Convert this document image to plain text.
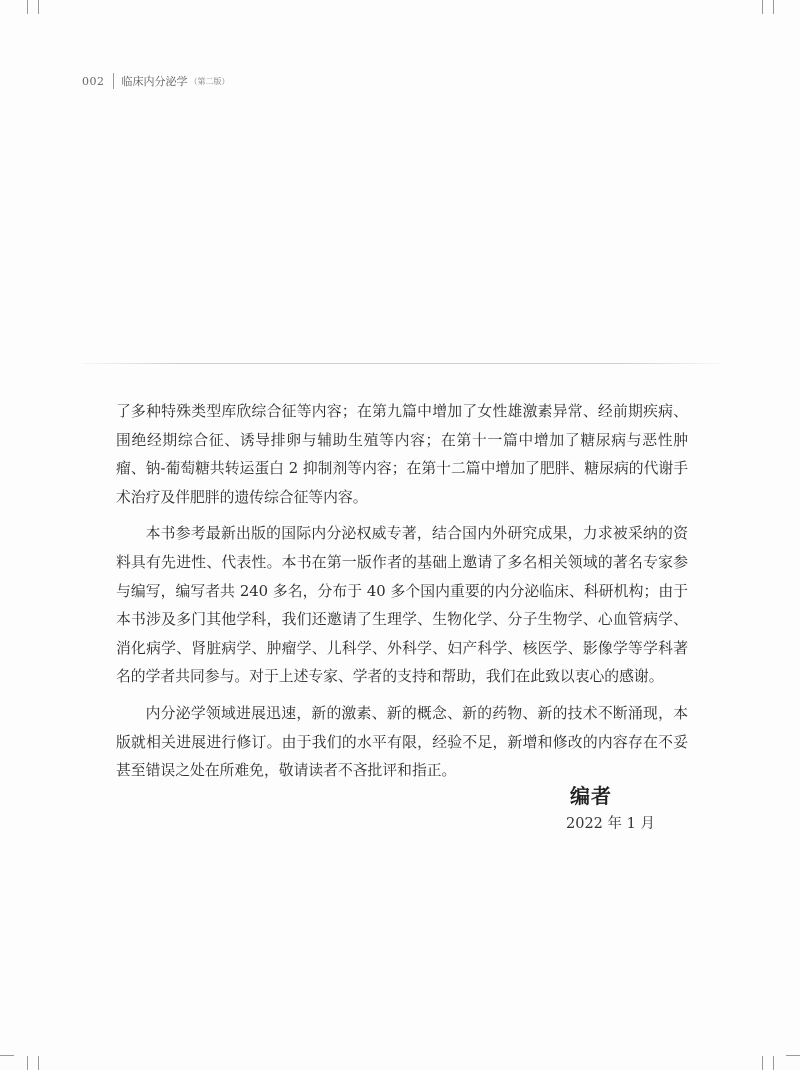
002	临床内分泌学 （第二版）

了多种特殊类型库欣综合征等内容；在第九篇中增加了女性雄激素异常、经前期疾病、围绝经期综合征、诱导排卵与辅助生殖等内容；在第十一篇中增加了糖尿病与恶性肿瘤、钠-葡萄糖共转运蛋白 2 抑制剂等内容；在第十二篇中增加了肥胖、糖尿病的代谢手术治疗及伴肥胖的遗传综合征等内容。

本书参考最新出版的国际内分泌权威专著，结合国内外研究成果，力求被采纳的资料具有先进性、代表性。本书在第一版作者的基础上邀请了多名相关领域的著名专家参与编写，编写者共 240 多名，分布于 40 多个国内重要的内分泌临床、科研机构；由于本书涉及多门其他学科，我们还邀请了生理学、生物化学、分子生物学、心血管病学、消化病学、肾脏病学、肿瘤学、儿科学、外科学、妇产科学、核医学、影像学等学科著名的学者共同参与。对于上述专家、学者的支持和帮助，我们在此致以衷心的感谢。

内分泌学领域进展迅速，新的激素、新的概念、新的药物、新的技术不断涌现，本版就相关进展进行修订。由于我们的水平有限，经验不足，新增和修改的内容存在不妥甚至错误之处在所难免，敬请读者不吝批评和指正。

编者
2022 年 1 月
